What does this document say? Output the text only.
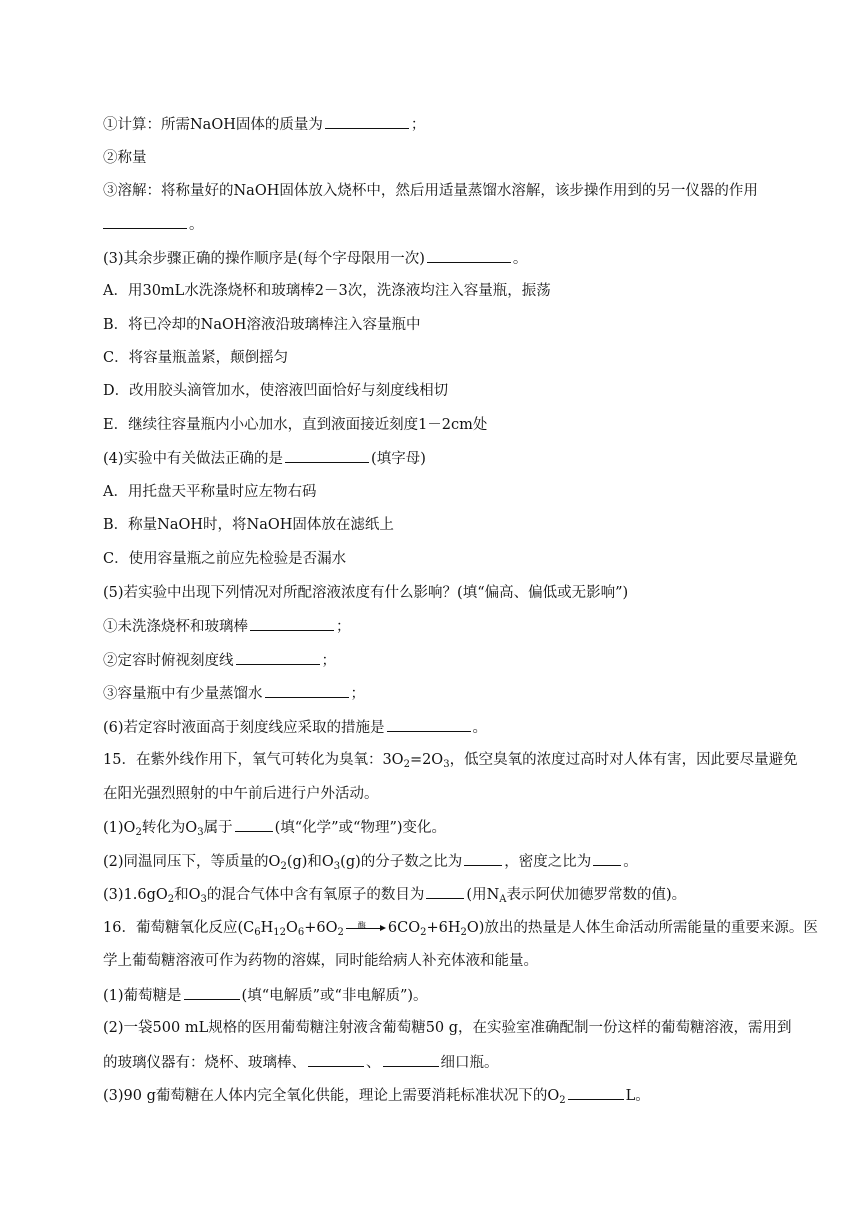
①计算：所需NaOH固体的质量为	；
②称量
③溶解：将称量好的NaOH固体放入烧杯中，然后用适量蒸馏水溶解，该步操作用到的另一仪器的作用
。
(3)其余步骤正确的操作顺序是(每个字母限用一次)	。
A．用30mL水洗涤烧杯和玻璃棒2－3次，洗涤液均注入容量瓶，振荡
B．将已冷却的NaOH溶液沿玻璃棒注入容量瓶中
C．将容量瓶盖紧，颠倒摇匀
D．改用胶头滴管加水，使溶液凹面恰好与刻度线相切
E．继续往容量瓶内小心加水，直到液面接近刻度1－2cm处
(4)实验中有关做法正确的是	(填字母)
A．用托盘天平称量时应左物右码
B．称量NaOH时，将NaOH固体放在滤纸上
C．使用容量瓶之前应先检验是否漏水
(5)若实验中出现下列情况对所配溶液浓度有什么影响？(填“偏高、偏低或无影响”)
①未洗涤烧杯和玻璃棒	；
②定容时俯视刻度线	；
③容量瓶中有少量蒸馏水	；
(6)若定容时液面高于刻度线应采取的措施是	。
15．在紫外线作用下，氧气可转化为臭氧：$3O_2=2O_3$，低空臭氧的浓度过高时对人体有害，因此要尽量避免
在阳光强烈照射的中午前后进行户外活动。
$(1)O_2$转化为$O_3$属于	(填“化学”或“物理”)变化。
(2)同温同压下，等质量的$O_2(g)$和$O_3(g)$的分子数之比为	，密度之比为 。
$(3)1.6gO_2$和$O_3$的混合气体中含有氧原子的数目为	(用$N_A$表示阿伏加德罗常数的值)。
16．葡萄糖氧化反应($C_6H_{12}O_6+6O_2$
酶 $6CO_2+6H_2O$)放出的热量是人体生命活动所需能量的重要来源。医
学上葡萄糖溶液可作为药物的溶媒，同时能给病人补充体液和能量。
(1)葡萄糖是	(填“电解质”或“非电解质”)。
(2)一袋500 mL规格的医用葡萄糖注射液含葡萄糖50 g，在实验室准确配制一份这样的葡萄糖溶液，需用到
的玻璃仪器有：烧杯、玻璃棒、	、	细口瓶。
(3)90 g葡萄糖在人体内完全氧化供能，理论上需要消耗标准状况下的$O_2$	L。
